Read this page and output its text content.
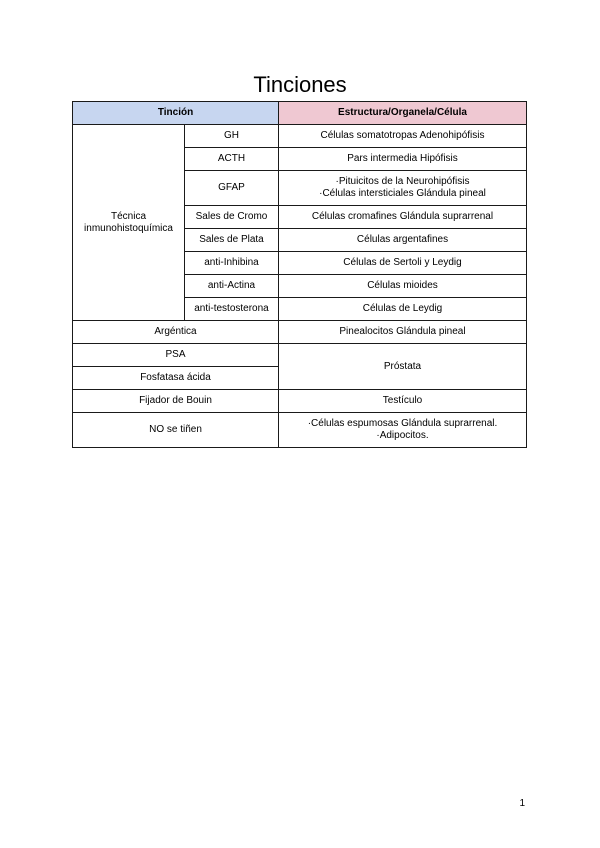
Tinciones
Tinción		Estructura/Organela/Célula
Técnica inmunohistoquímica	GH	Células somatotropas Adenohipófisis
	ACTH	Pars intermedia Hipófisis
	GFAP	·Pituicitos de la Neurohipófisis
·Células intersticiales Glándula pineal

	Sales de Cromo	Células cromafines Glándula suprarrenal
	Sales de Plata	Células argentafines
	anti-Inhibina	Células de Sertoli y Leydig
	anti-Actina	Células mioides
	anti-testosterona	Células de Leydig
Argéntica		Pinealocitos Glándula pineal
PSA		Próstata
Fosfatasa ácida		
Fijador de Bouin		Testículo
NO se tiñen		·Células espumosas Glándula suprarrenal.
·Adipocitos.
1
